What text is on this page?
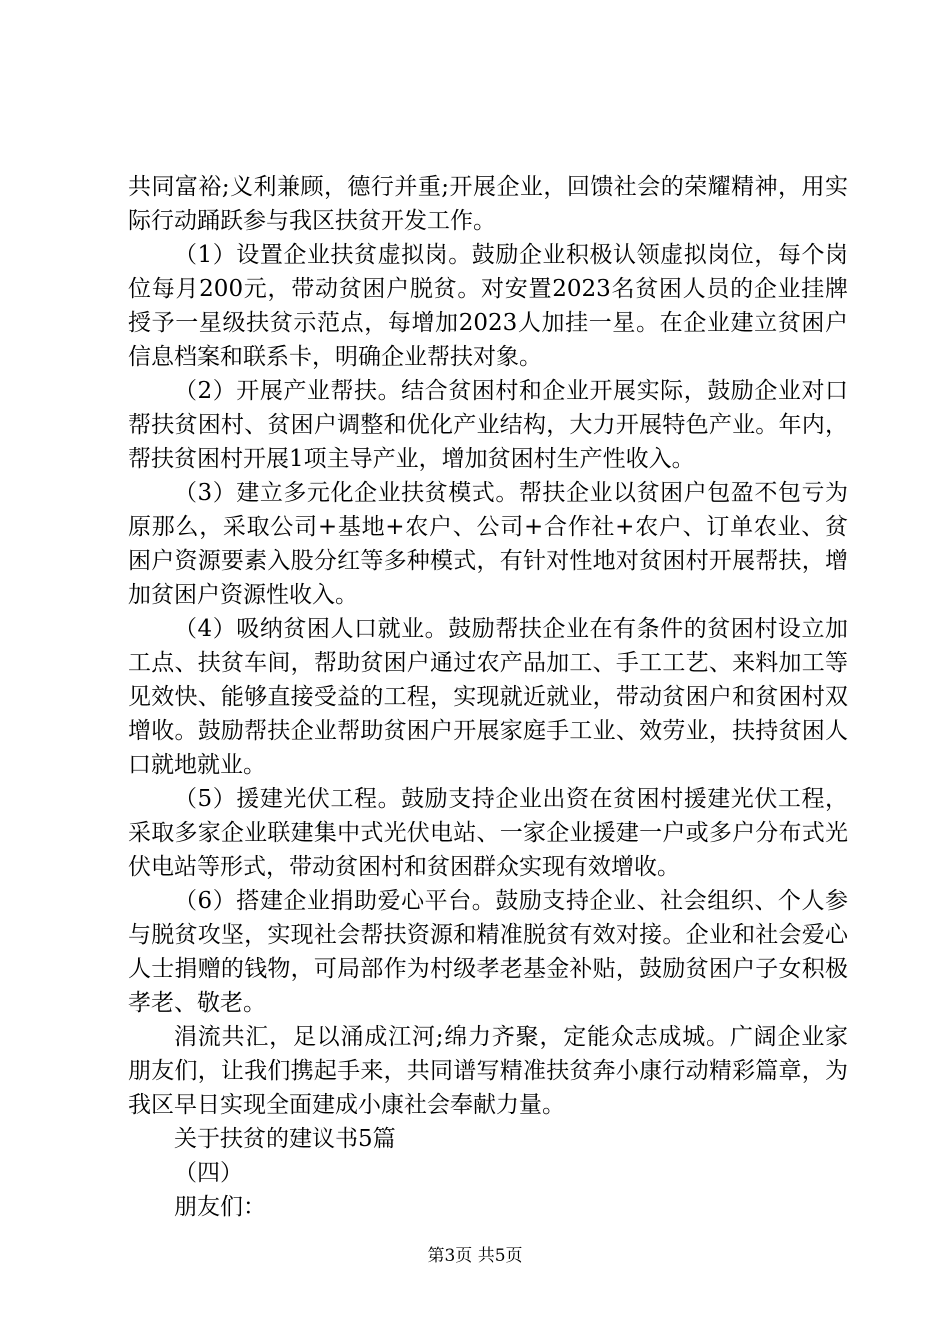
共同富裕;义利兼顾，德行并重;开展企业，回馈社会的荣耀精神，用实际行动踊跃参与我区扶贫开发工作。

（1）设置企业扶贫虚拟岗。鼓励企业积极认领虚拟岗位，每个岗位每月200元，带动贫困户脱贫。对安置2023名贫困人员的企业挂牌授予一星级扶贫示范点，每增加2023人加挂一星。在企业建立贫困户信息档案和联系卡，明确企业帮扶对象。

（2）开展产业帮扶。结合贫困村和企业开展实际，鼓励企业对口帮扶贫困村、贫困户调整和优化产业结构，大力开展特色产业。年内，帮扶贫困村开展1项主导产业，增加贫困村生产性收入。

（3）建立多元化企业扶贫模式。帮扶企业以贫困户包盈不包亏为原那么，采取公司+基地+农户、公司+合作社+农户、订单农业、贫困户资源要素入股分红等多种模式，有针对性地对贫困村开展帮扶，增加贫困户资源性收入。

（4）吸纳贫困人口就业。鼓励帮扶企业在有条件的贫困村设立加工点、扶贫车间，帮助贫困户通过农产品加工、手工工艺、来料加工等见效快、能够直接受益的工程，实现就近就业，带动贫困户和贫困村双增收。鼓励帮扶企业帮助贫困户开展家庭手工业、效劳业，扶持贫困人口就地就业。

（5）援建光伏工程。鼓励支持企业出资在贫困村援建光伏工程，采取多家企业联建集中式光伏电站、一家企业援建一户或多户分布式光伏电站等形式，带动贫困村和贫困群众实现有效增收。

（6）搭建企业捐助爱心平台。鼓励支持企业、社会组织、个人参与脱贫攻坚，实现社会帮扶资源和精准脱贫有效对接。企业和社会爱心人士捐赠的钱物，可局部作为村级孝老基金补贴，鼓励贫困户子女积极孝老、敬老。

涓流共汇，足以涌成江河;绵力齐聚，定能众志成城。广阔企业家朋友们，让我们携起手来，共同谱写精准扶贫奔小康行动精彩篇章，为我区早日实现全面建成小康社会奉献力量。

关于扶贫的建议书5篇

（四）

朋友们：

第3页 共5页
